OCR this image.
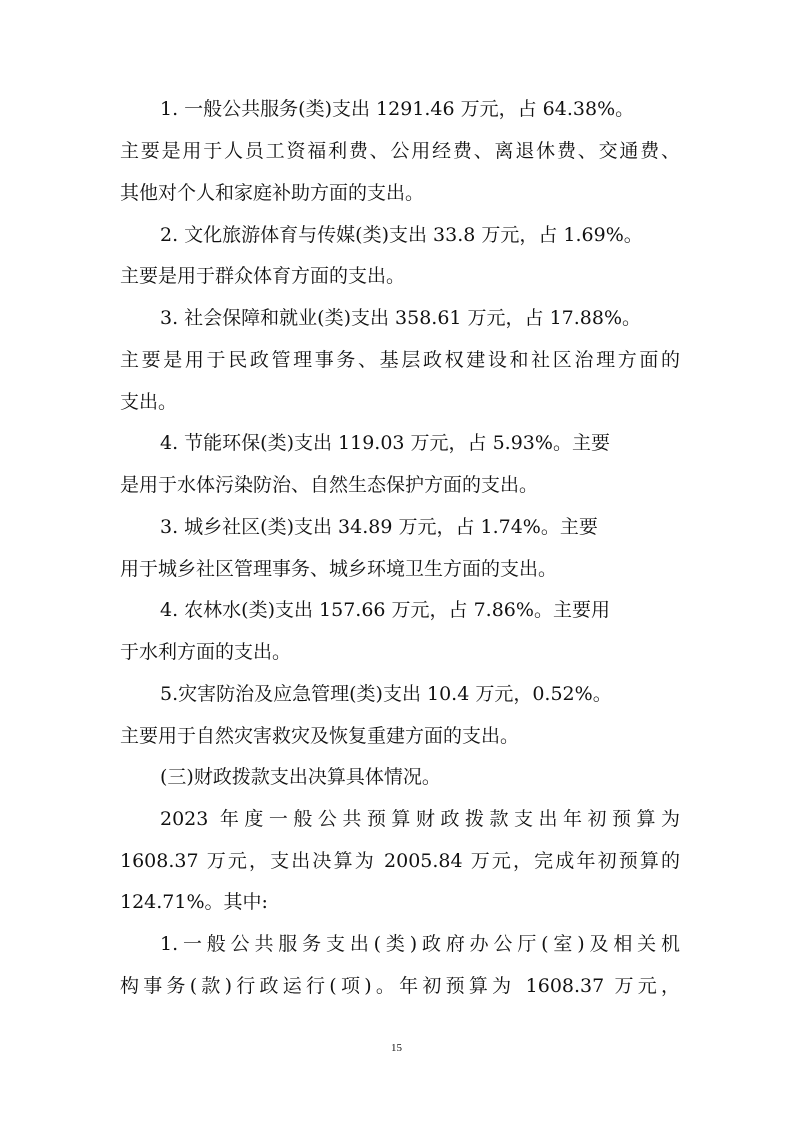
1. 一般公共服务(类)支出 1291.46 万元，占 64.38%。
主要是用于人员工资福利费、公用经费、离退休费、交通费、
其他对个人和家庭补助方面的支出。
2. 文化旅游体育与传媒(类)支出 33.8 万元，占 1.69%。
主要是用于群众体育方面的支出。
3. 社会保障和就业(类)支出 358.61 万元，占 17.88%。
主要是用于民政管理事务、基层政权建设和社区治理方面的
支出。
4. 节能环保(类)支出 119.03 万元，占 5.93%。主要
是用于水体污染防治、自然生态保护方面的支出。
3. 城乡社区(类)支出 34.89 万元，占 1.74%。主要
用于城乡社区管理事务、城乡环境卫生方面的支出。
4. 农林水(类)支出 157.66 万元，占 7.86%。主要用
于水利方面的支出。
5.灾害防治及应急管理(类)支出 10.4 万元，0.52%。
主要用于自然灾害救灾及恢复重建方面的支出。
(三)财政拨款支出决算具体情况。
2023 年度一般公共预算财政拨款支出年初预算为
1608.37 万元，支出决算为 2005.84 万元，完成年初预算的
124.71%。其中:
1.一般公共服务支出(类)政府办公厅(室)及相关机
构事务(款)行政运行(项)。年初预算为 1608.37 万元，
15
